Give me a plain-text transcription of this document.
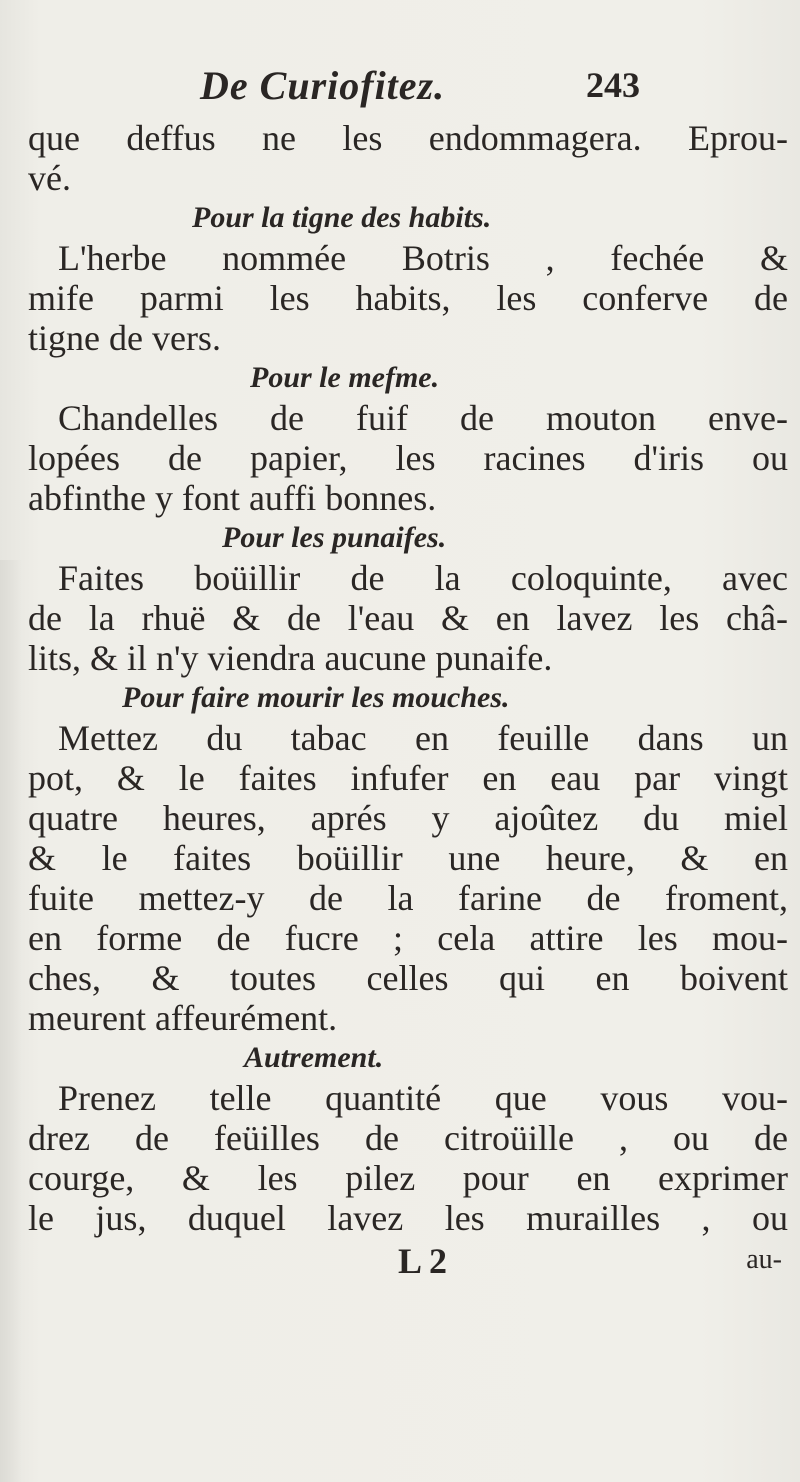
De Curiofitez.	243
que deffus ne les endommagera. Eprou-
vé.
Pour la tigne des habits.
L'herbe nommée Botris , fechée &
mife parmi les habits, les conferve de
tigne de vers.
Pour le mefme.
Chandelles de fuif de mouton enve-
lopées de papier, les racines d'iris ou
abfinthe y font auffi bonnes.
Pour les punaifes.
Faites boüillir de la coloquinte, avec
de la rhuë & de l'eau & en lavez les châ-
lits, & il n'y viendra aucune punaife.
Pour faire mourir les mouches.
Mettez du tabac en feuille dans un
pot, & le faites infufer en eau par vingt
quatre heures, aprés y ajoûtez du miel
& le faites boüillir une heure, & en
fuite mettez-y de la farine de froment,
en forme de fucre ; cela attire les mou-
ches, & toutes celles qui en boivent
meurent affeurément.
Autrement.
Prenez telle quantité que vous vou-
drez de feüilles de citroüille , ou de
courge, & les pilez pour en exprimer
le jus, duquel lavez les murailles , ou
L 2	au-
